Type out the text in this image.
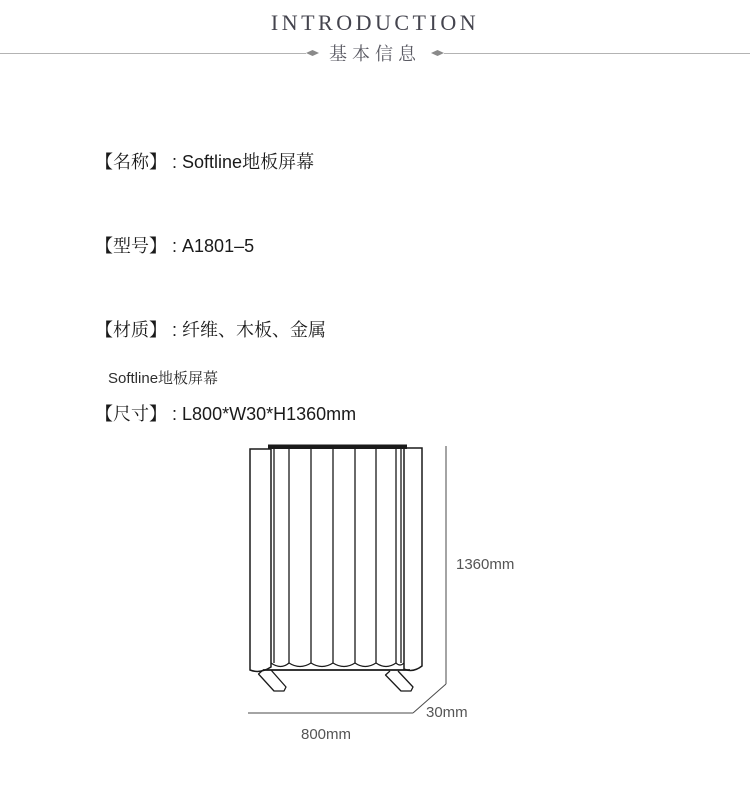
INTRODUCTION
基本信息

【名称】 : Softline地板屏幕

【型号】 : A1801–5

【材质】 : 纤维、木板、金属

【尺寸】 : L800*W30*H1360mm

Softline地板屏幕
1360mm
30mm
800mm
